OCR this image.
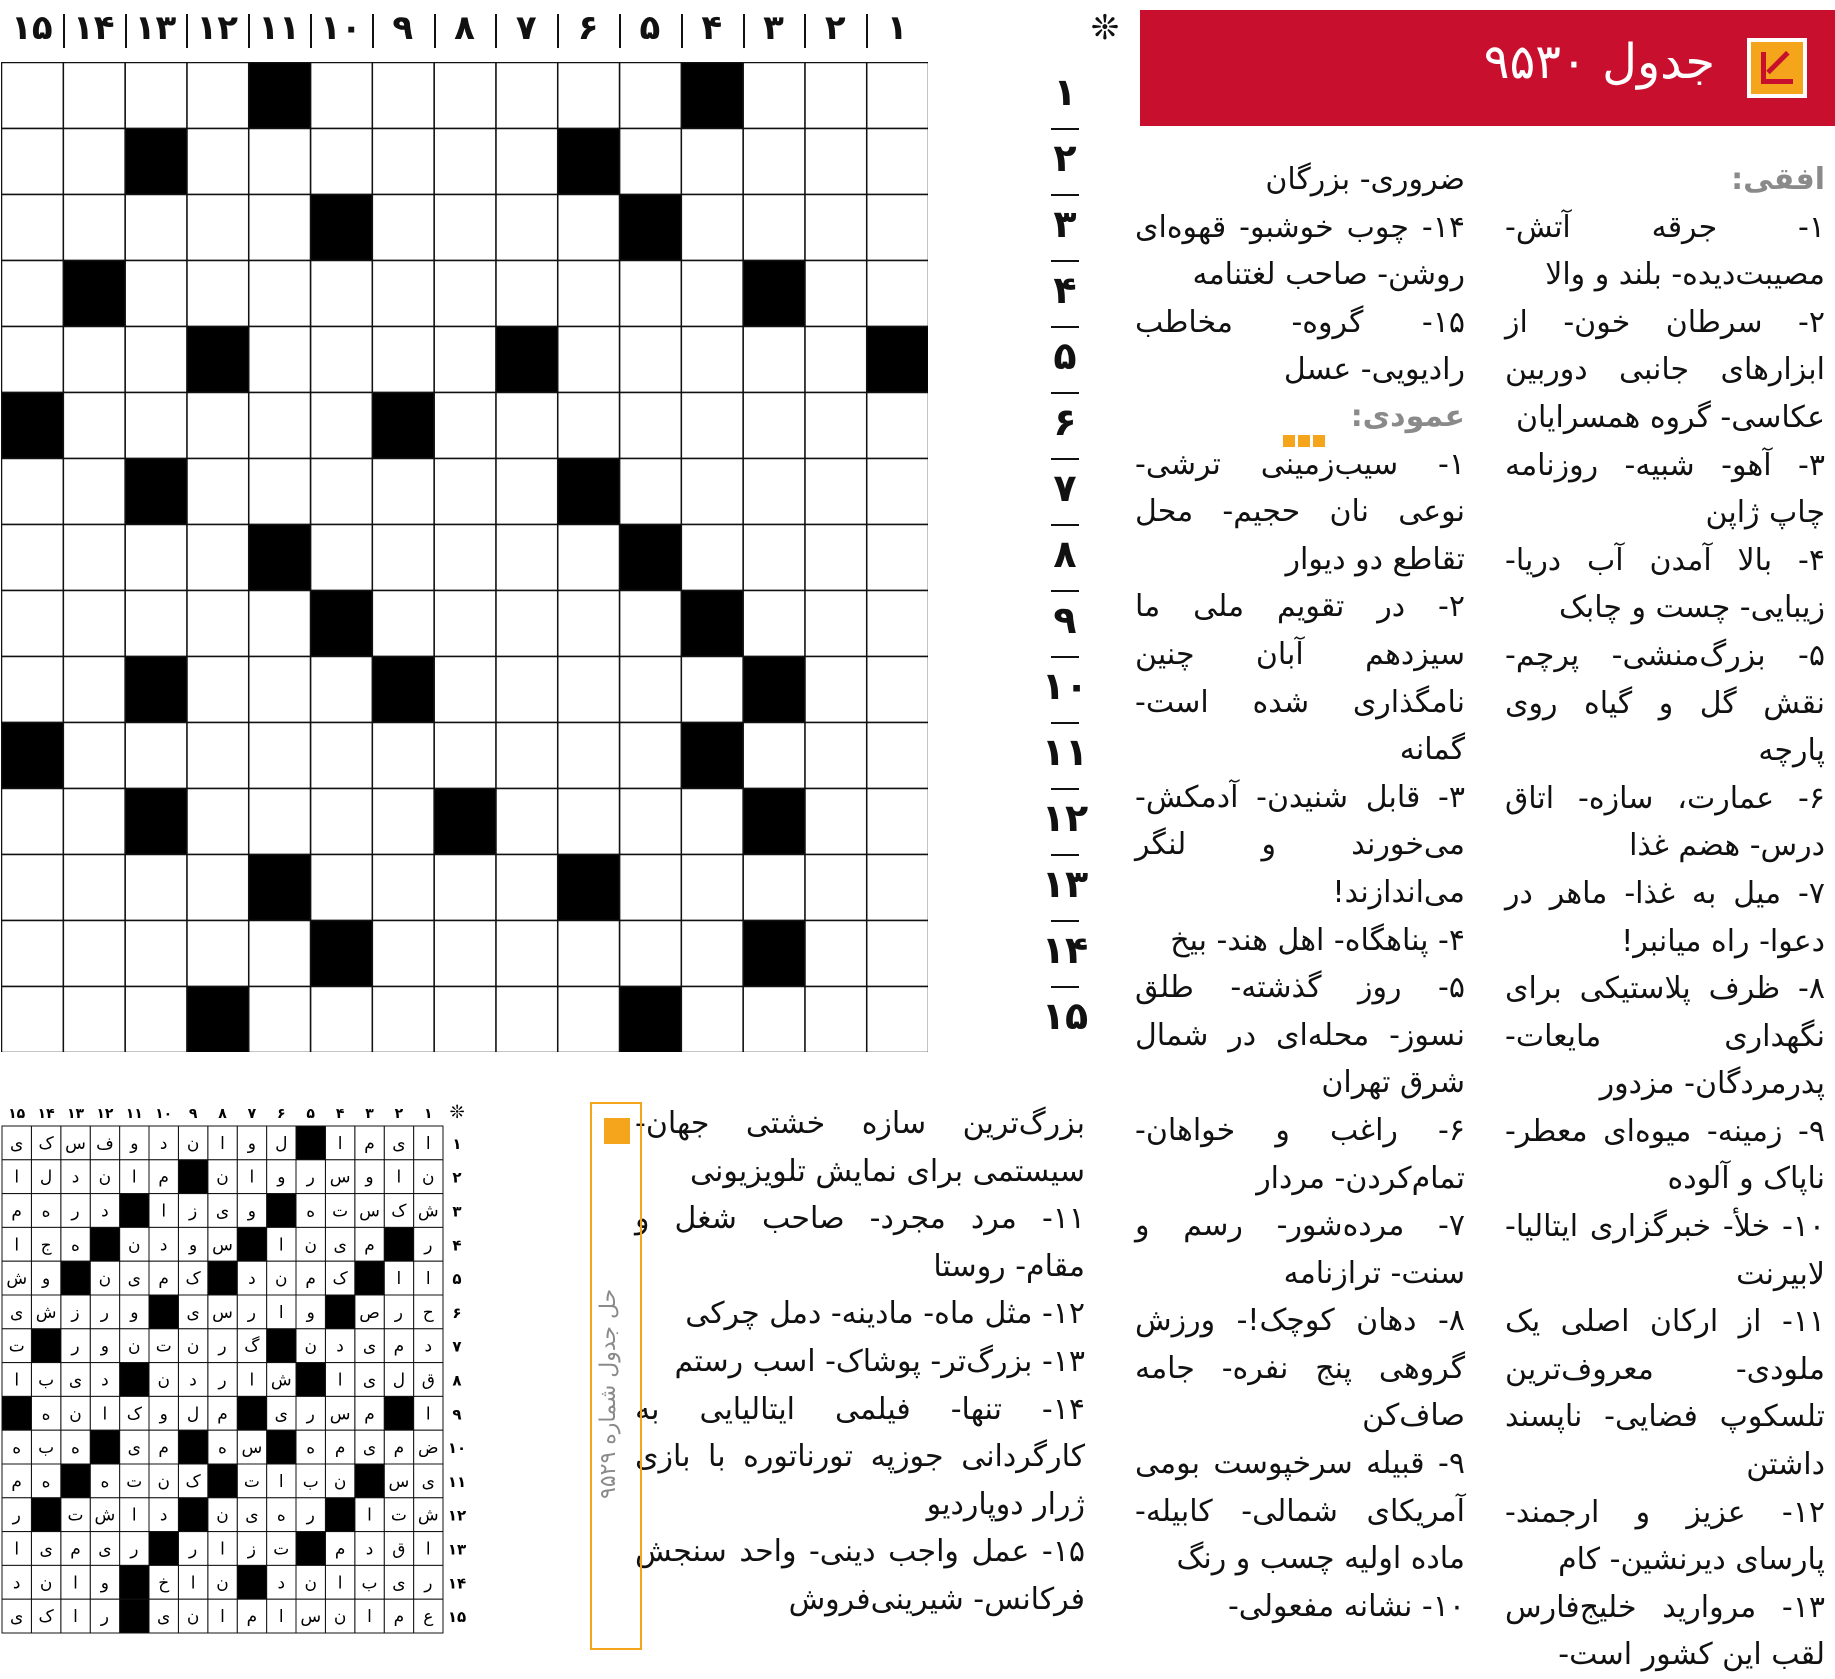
جدول ۹۵۳۰
❊
۱
۲
۳
۴
۵
۶
۷
۸
۹
۱۰
۱۱
۱۲
۱۳
۱۴
۱۵
۱
۲
۳
۴
۵
۶
۷
۸
۹
۱۰
۱۱
۱۲
۱۳
۱۴
۱۵
افقی:
۱- جرقه آتش- مصیبت‌دیده- بلند و والا
۲- سرطان خون- از ابزارهای جانبی دوربین عکاسی- گروه همسرایان
۳- آهو- شبیه- روزنامه چاپ ژاپن
۴- بالا آمدن آب دریا- زیبایی- چست و چابک
۵- بزرگ‌منشی- پرچم- نقش گل و گیاه روی پارچه
۶- عمارت، سازه- اتاق درس- هضم غذا
۷- میل به غذا- ماهر در دعوا- راه میانبر!
۸- ظرف پلاستیکی برای نگهداری مایعات- پدرمردگان- مزدور
۹- زمینه- میوه‌ای معطر- ناپاک و آلوده
۱۰- خلأ- خبرگزاری ایتالیا- لابیرنت
۱۱- از ارکان اصلی یک ملودی- معروف‌ترین تلسکوپ فضایی- ناپسند داشتن
۱۲- عزیز و ارجمند- پارسای دیرنشین- کام
۱۳- مروارید خلیج‌فارس لقب این کشور است-
ضروری- بزرگان
۱۴- چوب خوشبو- قهوه‌ای روشن- صاحب لغتنامه
۱۵- گروه- مخاطب رادیویی- عسل
عمودی:
۱- سیب‌زمینی ترشی- نوعی نان حجیم- محل تقاطع دو دیوار
۲- در تقویم ملی ما سیزدهم آبان چنین نامگذاری شده است- گمانه
۳- قابل شنیدن- آدمکش- می‌خورند و لنگر می‌اندازند!
۴- پناهگاه- اهل هند- بیخ
۵- روز گذشته- طلق نسوز- محله‌ای در شمال شرق تهران
۶- راغب و خواهان- تمام‌کردن- مردار
۷- مرده‌شور- رسم و سنت- ترازنامه
۸- دهان کوچک!- ورزش گروهی پنج نفره- جامه صاف‌کن
۹- قبیله سرخپوست بومی آمریکای شمالی- کابیله- ماده اولیه چسب و رنگ
۱۰- نشانه مفعولی-
بزرگ‌ترین سازه خشتی جهان- سیستمی برای نمایش تلویزیونی
۱۱- مرد مجرد- صاحب شغل و مقام- روستا
۱۲- مثل ماه- مادینه- دمل چرکی
۱۳- بزرگ‌تر- پوشاک- اسب رستم
۱۴- تنها- فیلمی ایتالیایی به کارگردانی جوزپه تورناتوره با بازی ژرار دوپاردیو
۱۵- عمل واجب دینی- واحد سنجش فرکانس- شیرینی‌فروش
❊
۱
۱
۲
۲
۳
۳
۴
۴
۵
۵
۶
۶
۷
۷
۸
۸
۹
۹
۱۰
۱۰
۱۱
۱۱
۱۲
۱۲
۱۳
۱۳
۱۴
۱۴
۱۵
۱۵
ا
ی
م
ا
ل
و
ا
ن
د
و
ف
س
ک
ی
ن
ا
و
س
ر
و
ا
ن
م
ا
ن
د
ل
ا
ش
ک
س
ت
ه
و
ی
ز
ا
د
ر
ه
م
ر
م
ی
ن
ا
س
و
د
ن
ه
ج
ا
ا
ا
ک
م
ن
د
ک
م
ی
ن
و
ش
ح
ر
ص
و
ا
ر
س
ی
و
ر
ز
ش
ی
د
م
ی
د
ن
گ
ر
ن
ت
ن
و
ر
ت
ق
ل
ی
ا
ش
ا
ر
د
ن
د
ی
ب
ا
ا
م
س
ر
ی
م
ل
و
ک
ا
ن
ه
ض
م
ی
م
ه
س
ه
م
ی
ه
ب
ه
ی
س
ن
ب
ا
ت
ک
ن
ت
ه
ه
م
ش
ت
ا
ر
ه
ی
ن
د
ا
ش
ت
ر
ا
ق
د
م
ت
ز
ا
ر
ر
ی
م
ی
ا
ر
ی
ب
ا
ن
د
ن
ا
خ
و
ا
ن
د
ع
م
ا
ن
س
ا
م
ا
ن
ی
ر
ا
ک
ی
حل جدول شماره ۹۵۲۹
